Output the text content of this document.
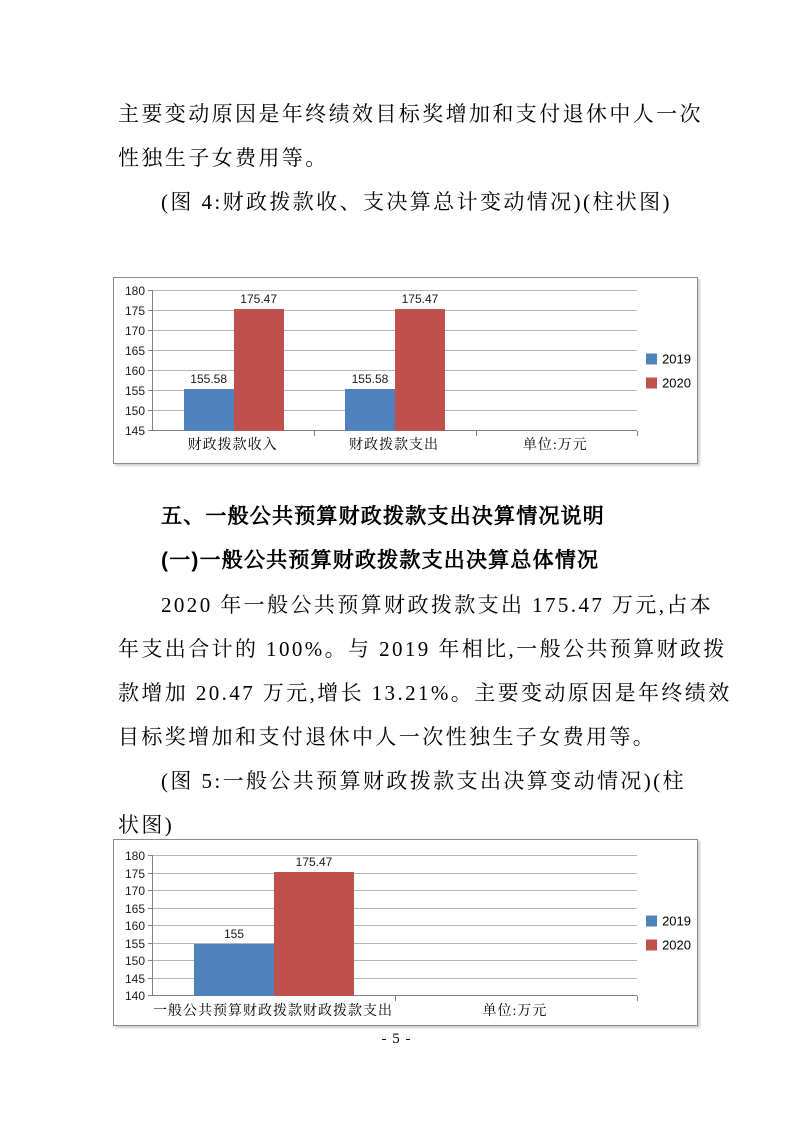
主要变动原因是年终绩效目标奖增加和支付退休中人一次

性独生子女费用等。

(图 4:财政拨款收、支决算总计变动情况)(柱状图)

145
150
155
160
165
170
175
180
155.58
175.47
155.58
175.47
财政拨款收入	财政拨款支出	单位:万元
2019
2020

五、一般公共预算财政拨款支出决算情况说明

(一)一般公共预算财政拨款支出决算总体情况

2020 年一般公共预算财政拨款支出 175.47 万元,占本

年支出合计的 100%。与 2019 年相比,一般公共预算财政拨

款增加 20.47 万元,增长 13.21%。主要变动原因是年终绩效

目标奖增加和支付退休中人一次性独生子女费用等。

(图 5:一般公共预算财政拨款支出决算变动情况)(柱

状图)

140
145
150
155
160
165
170
175
180
155
175.47
一般公共预算财政拨款财政拨款支出	单位:万元
2019
2020
- 5 -
